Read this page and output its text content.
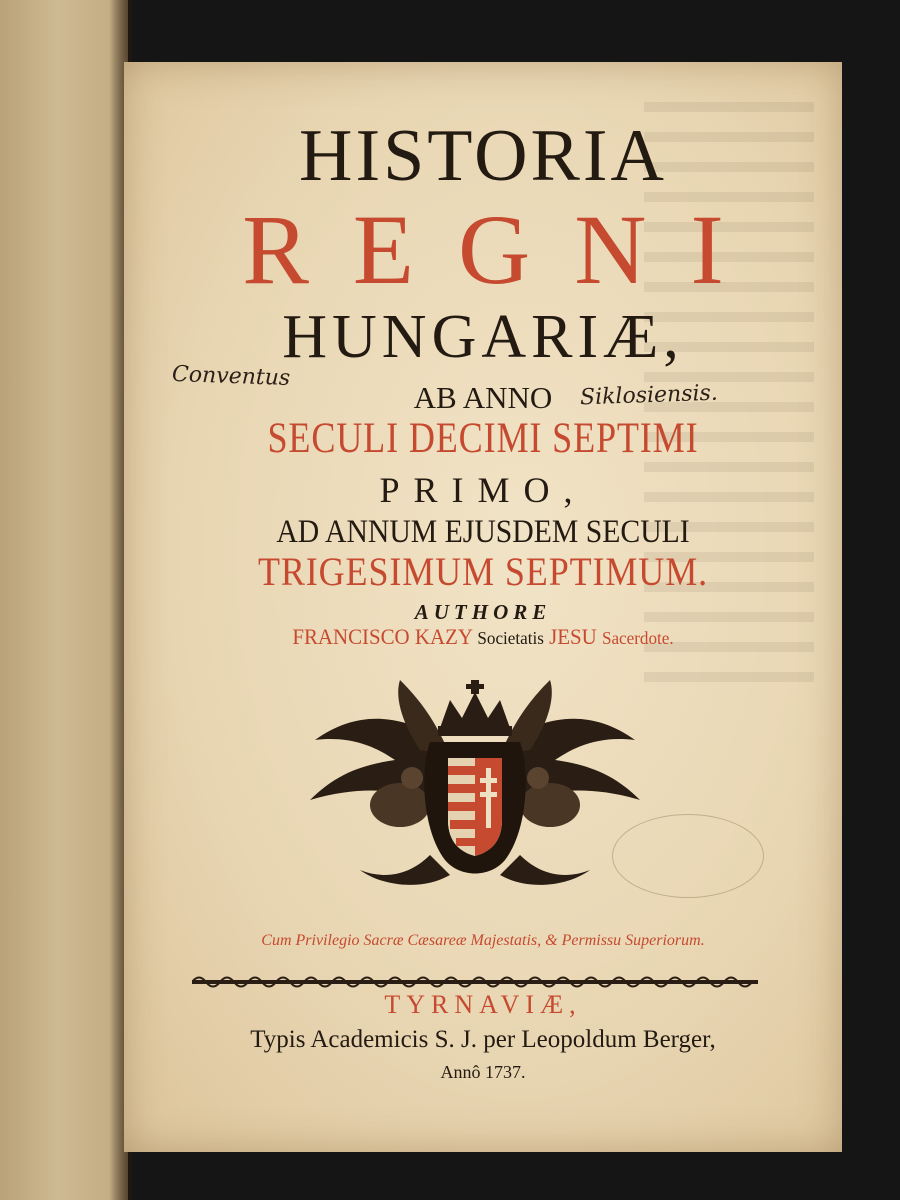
HISTORIA
REGNI
HUNGARIÆ,
AB ANNO
SECULI DECIMI SEPTIMI
PRIMO,
AD ANNUM EJUSDEM SECULI
TRIGESIMUM SEPTIMUM.
AUTHORE
FRANCISCO KAZY Societatis JESU Sacerdote.
Conventus
Siklosiensis.
Cum Privilegio Sacræ Cæsareæ Majestatis, & Permissu Superiorum.
TYRNAVIÆ,
Typis Academicis S. J. per Leopoldum Berger,
Annô 1737.
